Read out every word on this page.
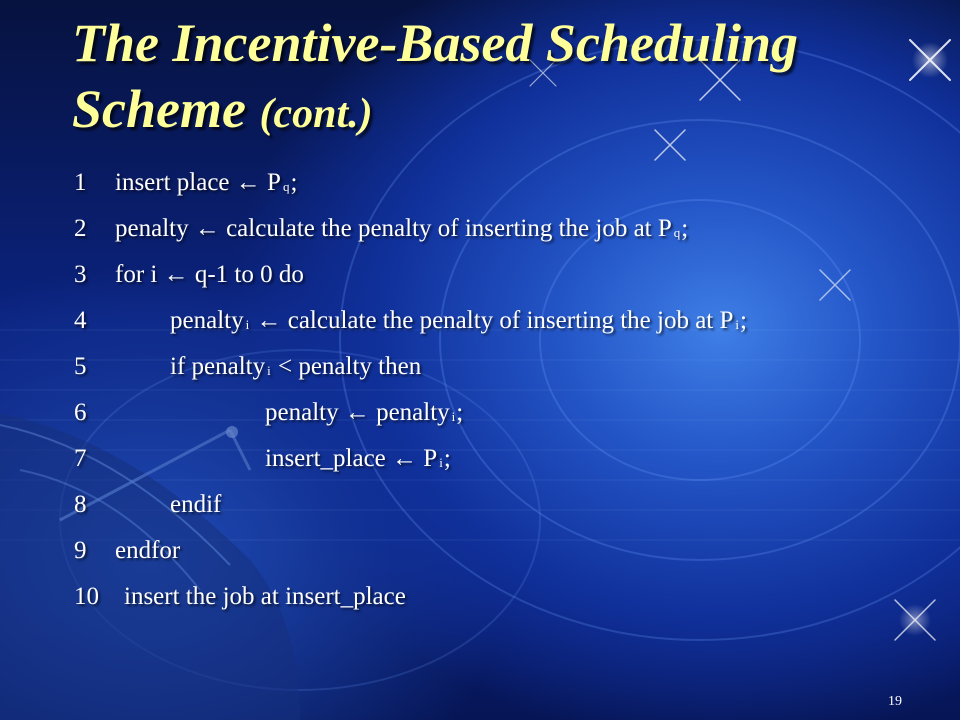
The Incentive-Based Scheduling Scheme (cont.)
1 insert place ← P q;
2 penalty ← calculate the penalty of inserting the job at P q;
3 for i ← q-1 to 0 do
4	penalty i ← calculate the penalty of inserting the job at P i;
5	if penalty i < penalty then
6	penalty ← penalty i;
7	insert_place ← P i;
8	endif
9 endfor
10 insert the job at insert_place
19
